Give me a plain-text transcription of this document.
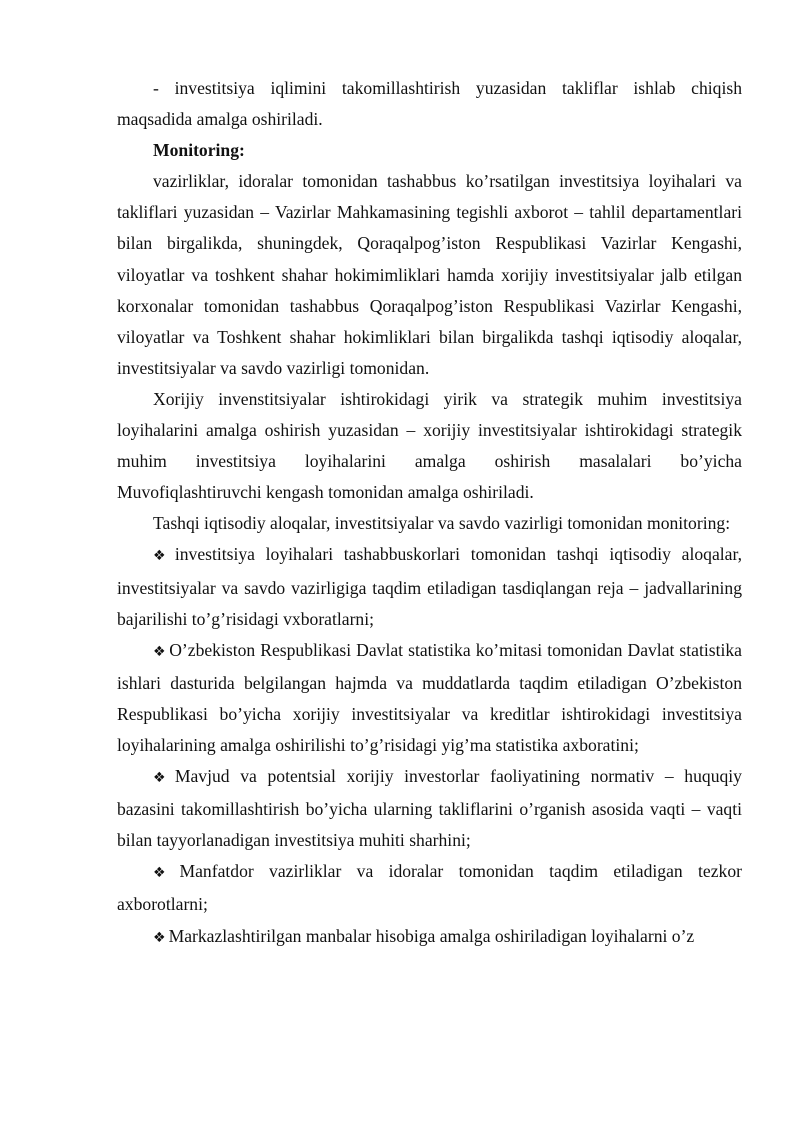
- investitsiya iqlimini takomillashtirish yuzasidan takliflar ishlab chiqish maqsadida amalga oshiriladi.

Monitoring:

vazirliklar, idoralar tomonidan tashabbus ko’rsatilgan investitsiya loyihalari va takliflari yuzasidan – Vazirlar Mahkamasining tegishli axborot – tahlil departamentlari bilan birgalikda, shuningdek, Qoraqalpog’iston Respublikasi Vazirlar Kengashi, viloyatlar va toshkent shahar hokimimliklari hamda xorijiy investitsiyalar jalb etilgan korxonalar tomonidan tashabbus Qoraqalpog’iston Respublikasi Vazirlar Kengashi, viloyatlar va Toshkent shahar hokimliklari bilan birgalikda tashqi iqtisodiy aloqalar, investitsiyalar va savdo vazirligi tomonidan.

Xorijiy invenstitsiyalar ishtirokidagi yirik va strategik muhim investitsiya loyihalarini amalga oshirish yuzasidan – xorijiy investitsiyalar ishtirokidagi strategik muhim investitsiya loyihalarini amalga oshirish masalalari bo’yicha Muvofiqlashtiruvchi kengash tomonidan amalga oshiriladi.

Tashqi iqtisodiy aloqalar, investitsiyalar va savdo vazirligi tomonidan monitoring:

❖ investitsiya loyihalari tashabbuskorlari tomonidan tashqi iqtisodiy aloqalar, investitsiyalar va savdo vazirligiga taqdim etiladigan tasdiqlangan reja – jadvallarining bajarilishi to’g’risidagi vxboratlarni;

❖ O’zbekiston Respublikasi Davlat statistika ko’mitasi tomonidan Davlat statistika ishlari dasturida belgilangan hajmda va muddatlarda taqdim etiladigan O’zbekiston Respublikasi bo’yicha xorijiy investitsiyalar va kreditlar ishtirokidagi investitsiya loyihalarining amalga oshirilishi to’g’risidagi yig’ma statistika axboratini;

❖ Mavjud va potentsial xorijiy investorlar faoliyatining normativ – huquqiy bazasini takomillashtirish bo’yicha ularning takliflarini o’rganish asosida vaqti – vaqti bilan tayyorlanadigan investitsiya muhiti sharhini;

❖ Manfatdor vazirliklar va idoralar tomonidan taqdim etiladigan tezkor axborotlarni;

❖ Markazlashtirilgan manbalar hisobiga amalga oshiriladigan loyihalarni o’z
